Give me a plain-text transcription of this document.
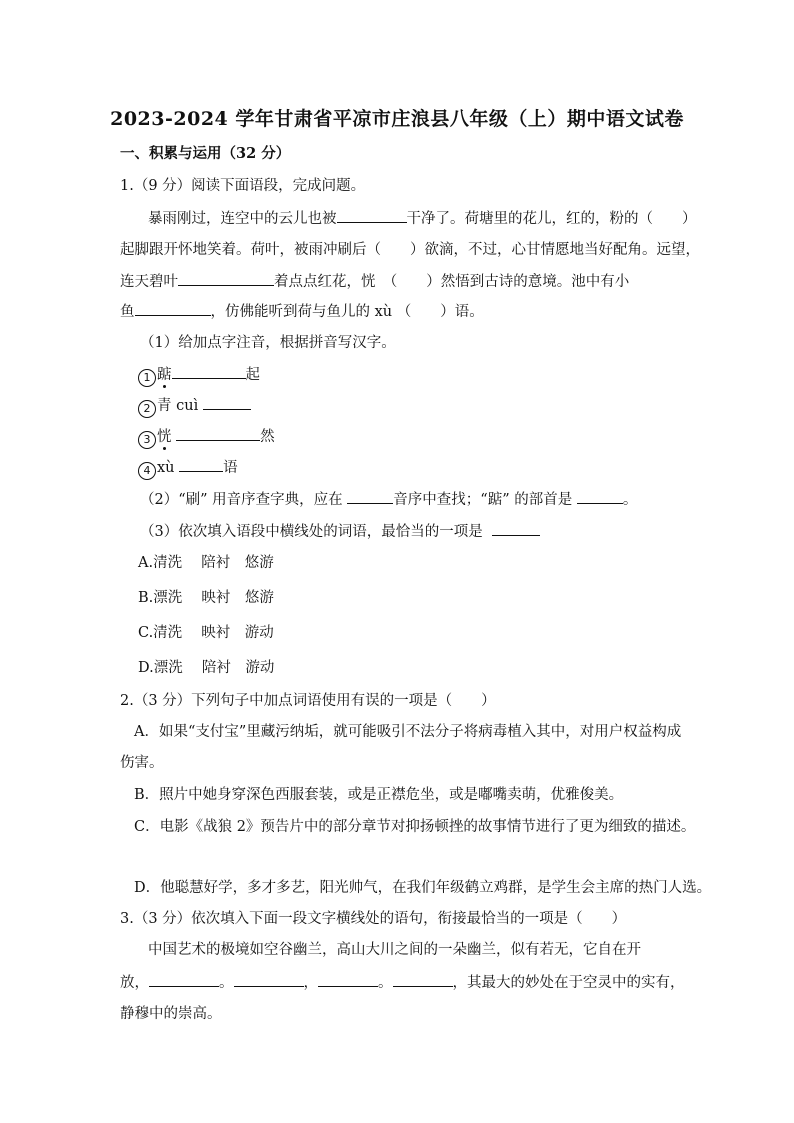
2023-2024 学年甘肃省平凉市庄浪县八年级（上）期中语文试卷
一、积累与运用（32 分）
1.（9 分）阅读下面语段，完成问题。
暴雨刚过，连空中的云儿也被	干净了。荷塘里的花儿，红的，粉的（　　）
起脚跟开怀地笑着。荷叶，被雨冲刷后（　　）欲滴，不过，心甘情愿地当好配角。远望，
连天碧叶	着点点红花，恍　（　　）然悟到古诗的意境。池中有小
鱼	，仿佛能听到荷与鱼儿的 xù （　　）语。
（1）给加点字注音，根据拼音写汉字。
1 踮	起
2 青 cuì
3 恍	然
4 xù	语
（2）“刷” 用音序查字典，应在	音序中查找；“踮” 的部首是	。
（3）依次填入语段中横线处的词语，最恰当的一项是
A.清洗　 陪衬　悠游
B.漂洗　 映衬　悠游
C.清洗　 映衬　游动
D.漂洗　 陪衬　游动
2.（3 分）下列句子中加点词语使用有误的一项是（　　）
A．如果“支付宝”里藏污纳垢，就可能吸引不法分子将病毒植入其中，对用户权益构成
伤害。
B．照片中她身穿深色西服套装，或是正襟危坐，或是嘟嘴卖萌，优雅俊美。
C．电影《战狼 2》预告片中的部分章节对抑扬顿挫的故事情节进行了更为细致的描述。
D．他聪慧好学，多才多艺，阳光帅气，在我们年级鹤立鸡群，是学生会主席的热门人选。
3.（3 分）依次填入下面一段文字横线处的语句，衔接最恰当的一项是（　　）
中国艺术的极境如空谷幽兰，高山大川之间的一朵幽兰，似有若无，它自在开
放，	。	，	。	，其最大的妙处在于空灵中的实有，
静穆中的崇高。
